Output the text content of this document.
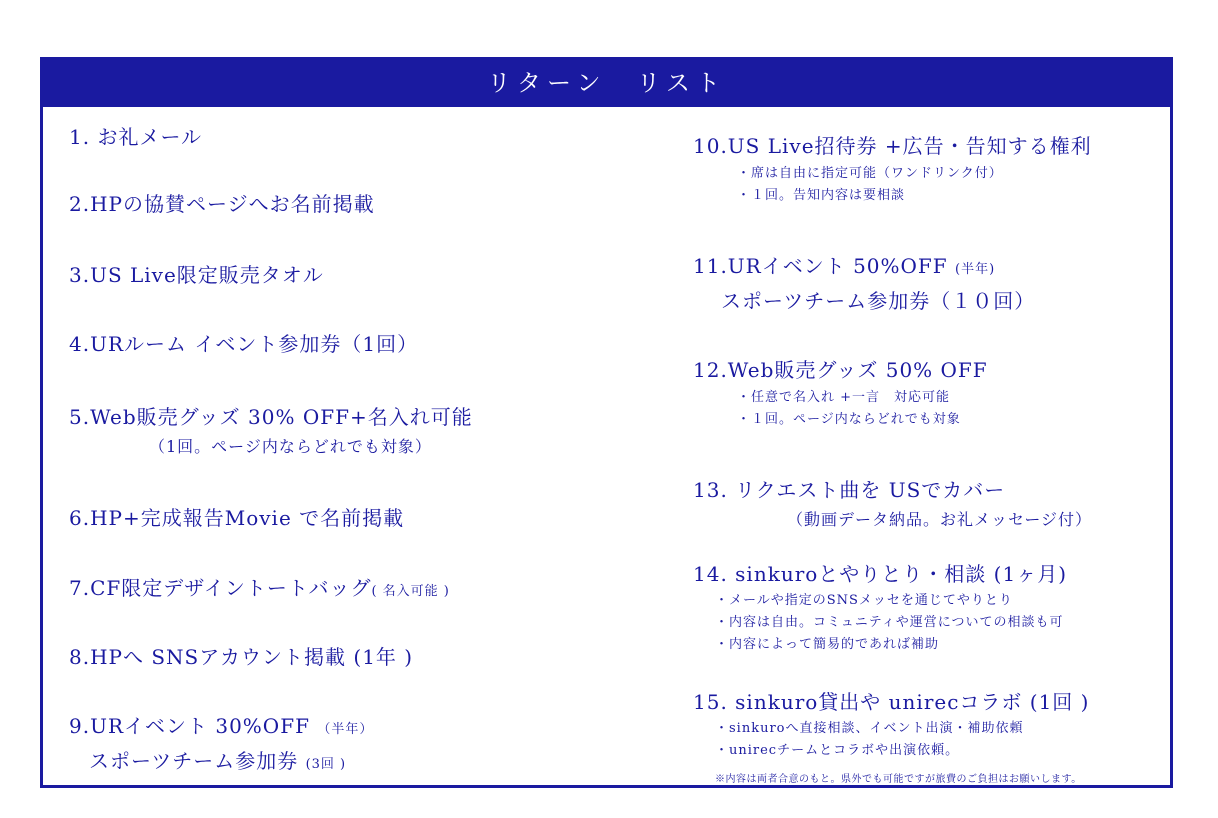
リターン　リスト
1. お礼メール
2.HPの協賛ページへお名前掲載
3.US Live限定販売タオル
4.URルーム イベント参加券（1回）
5.Web販売グッズ 30% OFF+名入れ可能
（1回。ページ内ならどれでも対象）
6.HP+完成報告Movie で名前掲載
7.CF限定デザイントートバッグ( 名入可能 )
8.HPへ SNSアカウント掲載 (1年 )
9.URイベント 30%OFF （半年）
スポーツチーム参加券 (3回 )
10.US Live招待券 +広告・告知する権利
・席は自由に指定可能（ワンドリンク付）
・１回。告知内容は要相談
11.URイベント 50%OFF (半年)
スポーツチーム参加券（１０回）
12.Web販売グッズ 50% OFF
・任意で名入れ +一言　対応可能
・１回。ページ内ならどれでも対象
13. リクエスト曲を USでカバー
（動画データ納品。お礼メッセージ付）
14. sinkuroとやりとり・相談 (1ヶ月)
・メールや指定のSNSメッセを通じてやりとり
・内容は自由。コミュニティや運営についての相談も可
・内容によって簡易的であれば補助
15. sinkuro貸出や unirecコラボ (1回 )
・sinkuroへ直接相談、イベント出演・補助依頼
・unirecチームとコラボや出演依頼。
※内容は両者合意のもと。県外でも可能ですが旅費のご負担はお願いします。
